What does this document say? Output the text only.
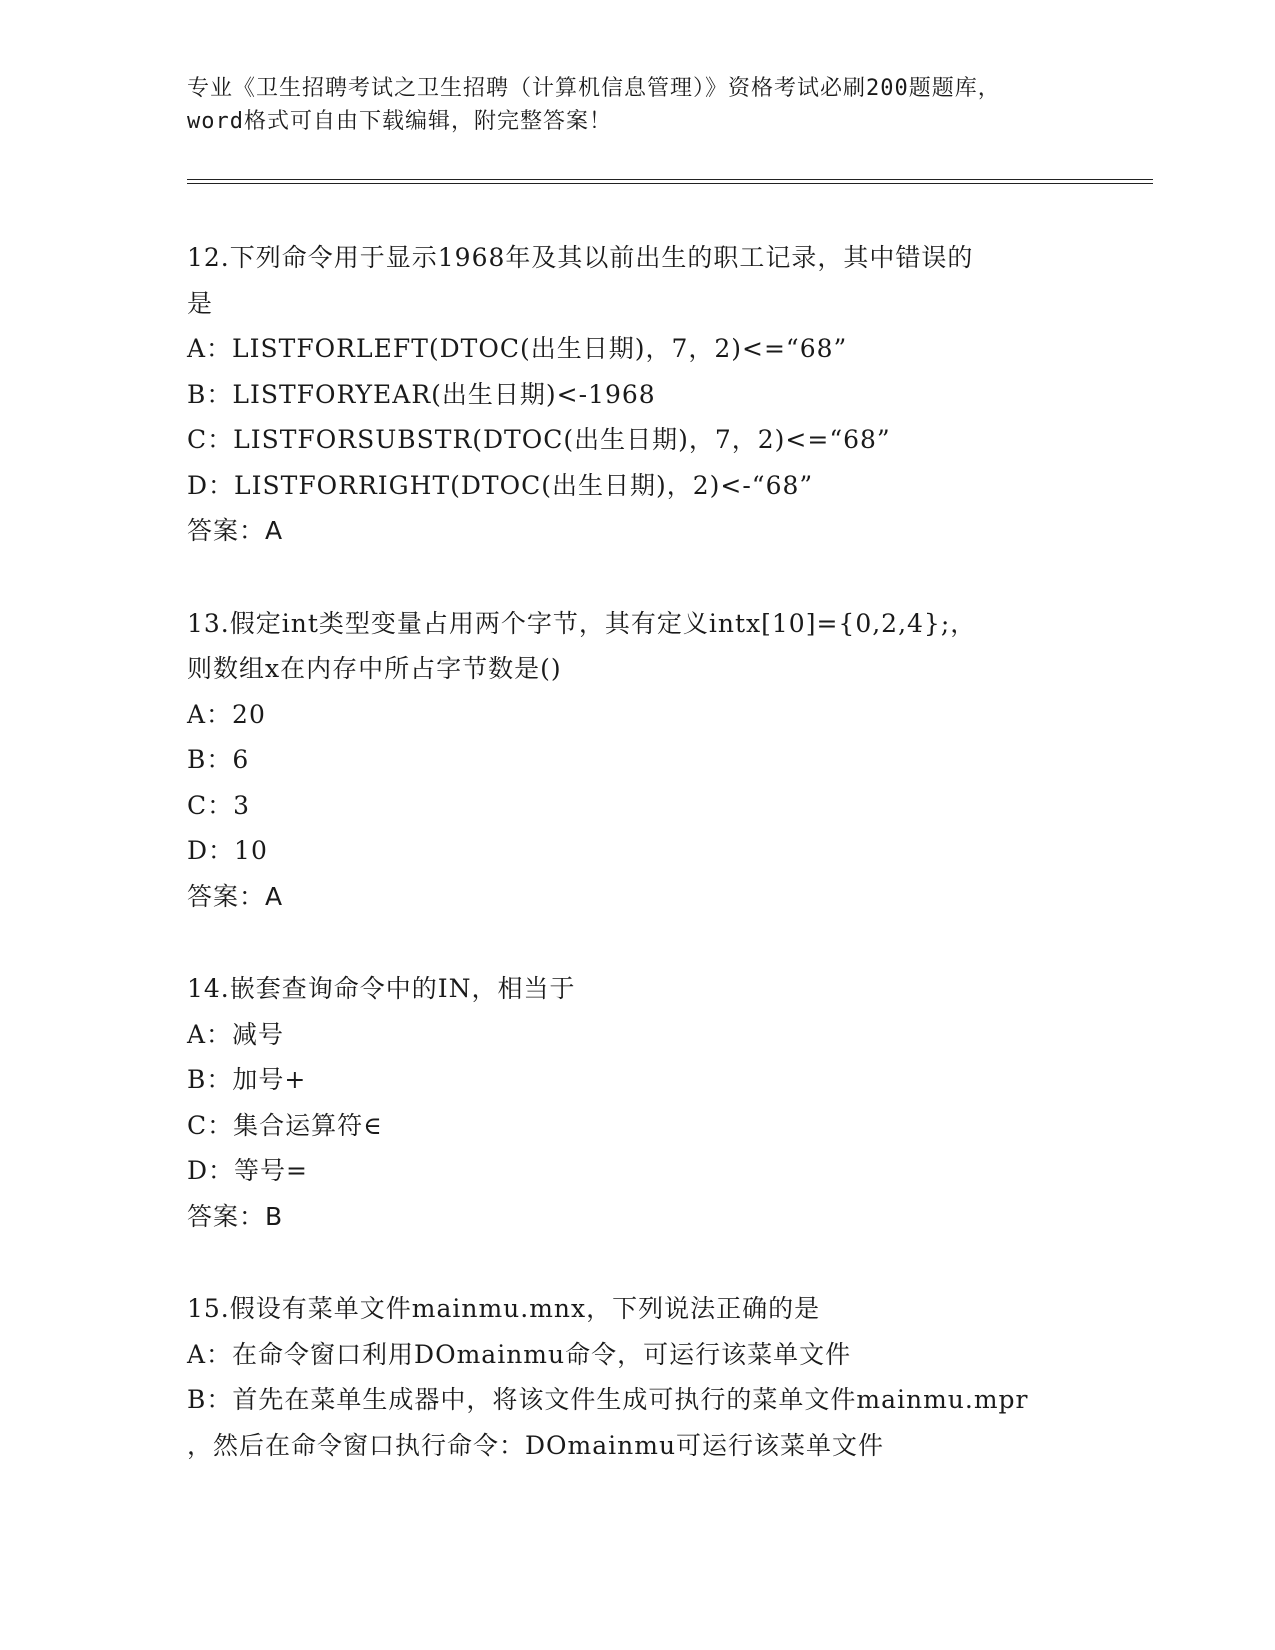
专业《卫生招聘考试之卫生招聘（计算机信息管理）》资格考试必刷200题题库，
word格式可自由下载编辑，附完整答案！
12.下列命令用于显示1968年及其以前出生的职工记录，其中错误的
是
A：LISTFORLEFT(DTOC(出生日期)，7，2)<=“68”
B：LISTFORYEAR(出生日期)<-1968
C：LISTFORSUBSTR(DTOC(出生日期)，7，2)<=“68”
D：LISTFORRIGHT(DTOC(出生日期)，2)<-“68”
答案：A
13.假定int类型变量占用两个字节，其有定义intx[10]={0,2,4};，
则数组x在内存中所占字节数是()
A：20
B：6
C：3
D：10
答案：A
14.嵌套查询命令中的IN，相当于
A：减号
B：加号+
C：集合运算符∈
D：等号=
答案：B
15.假设有菜单文件mainmu.mnx，下列说法正确的是
A：在命令窗口利用DOmainmu命令，可运行该菜单文件
B：首先在菜单生成器中，将该文件生成可执行的菜单文件mainmu.mpr
，然后在命令窗口执行命令：DOmainmu可运行该菜单文件
